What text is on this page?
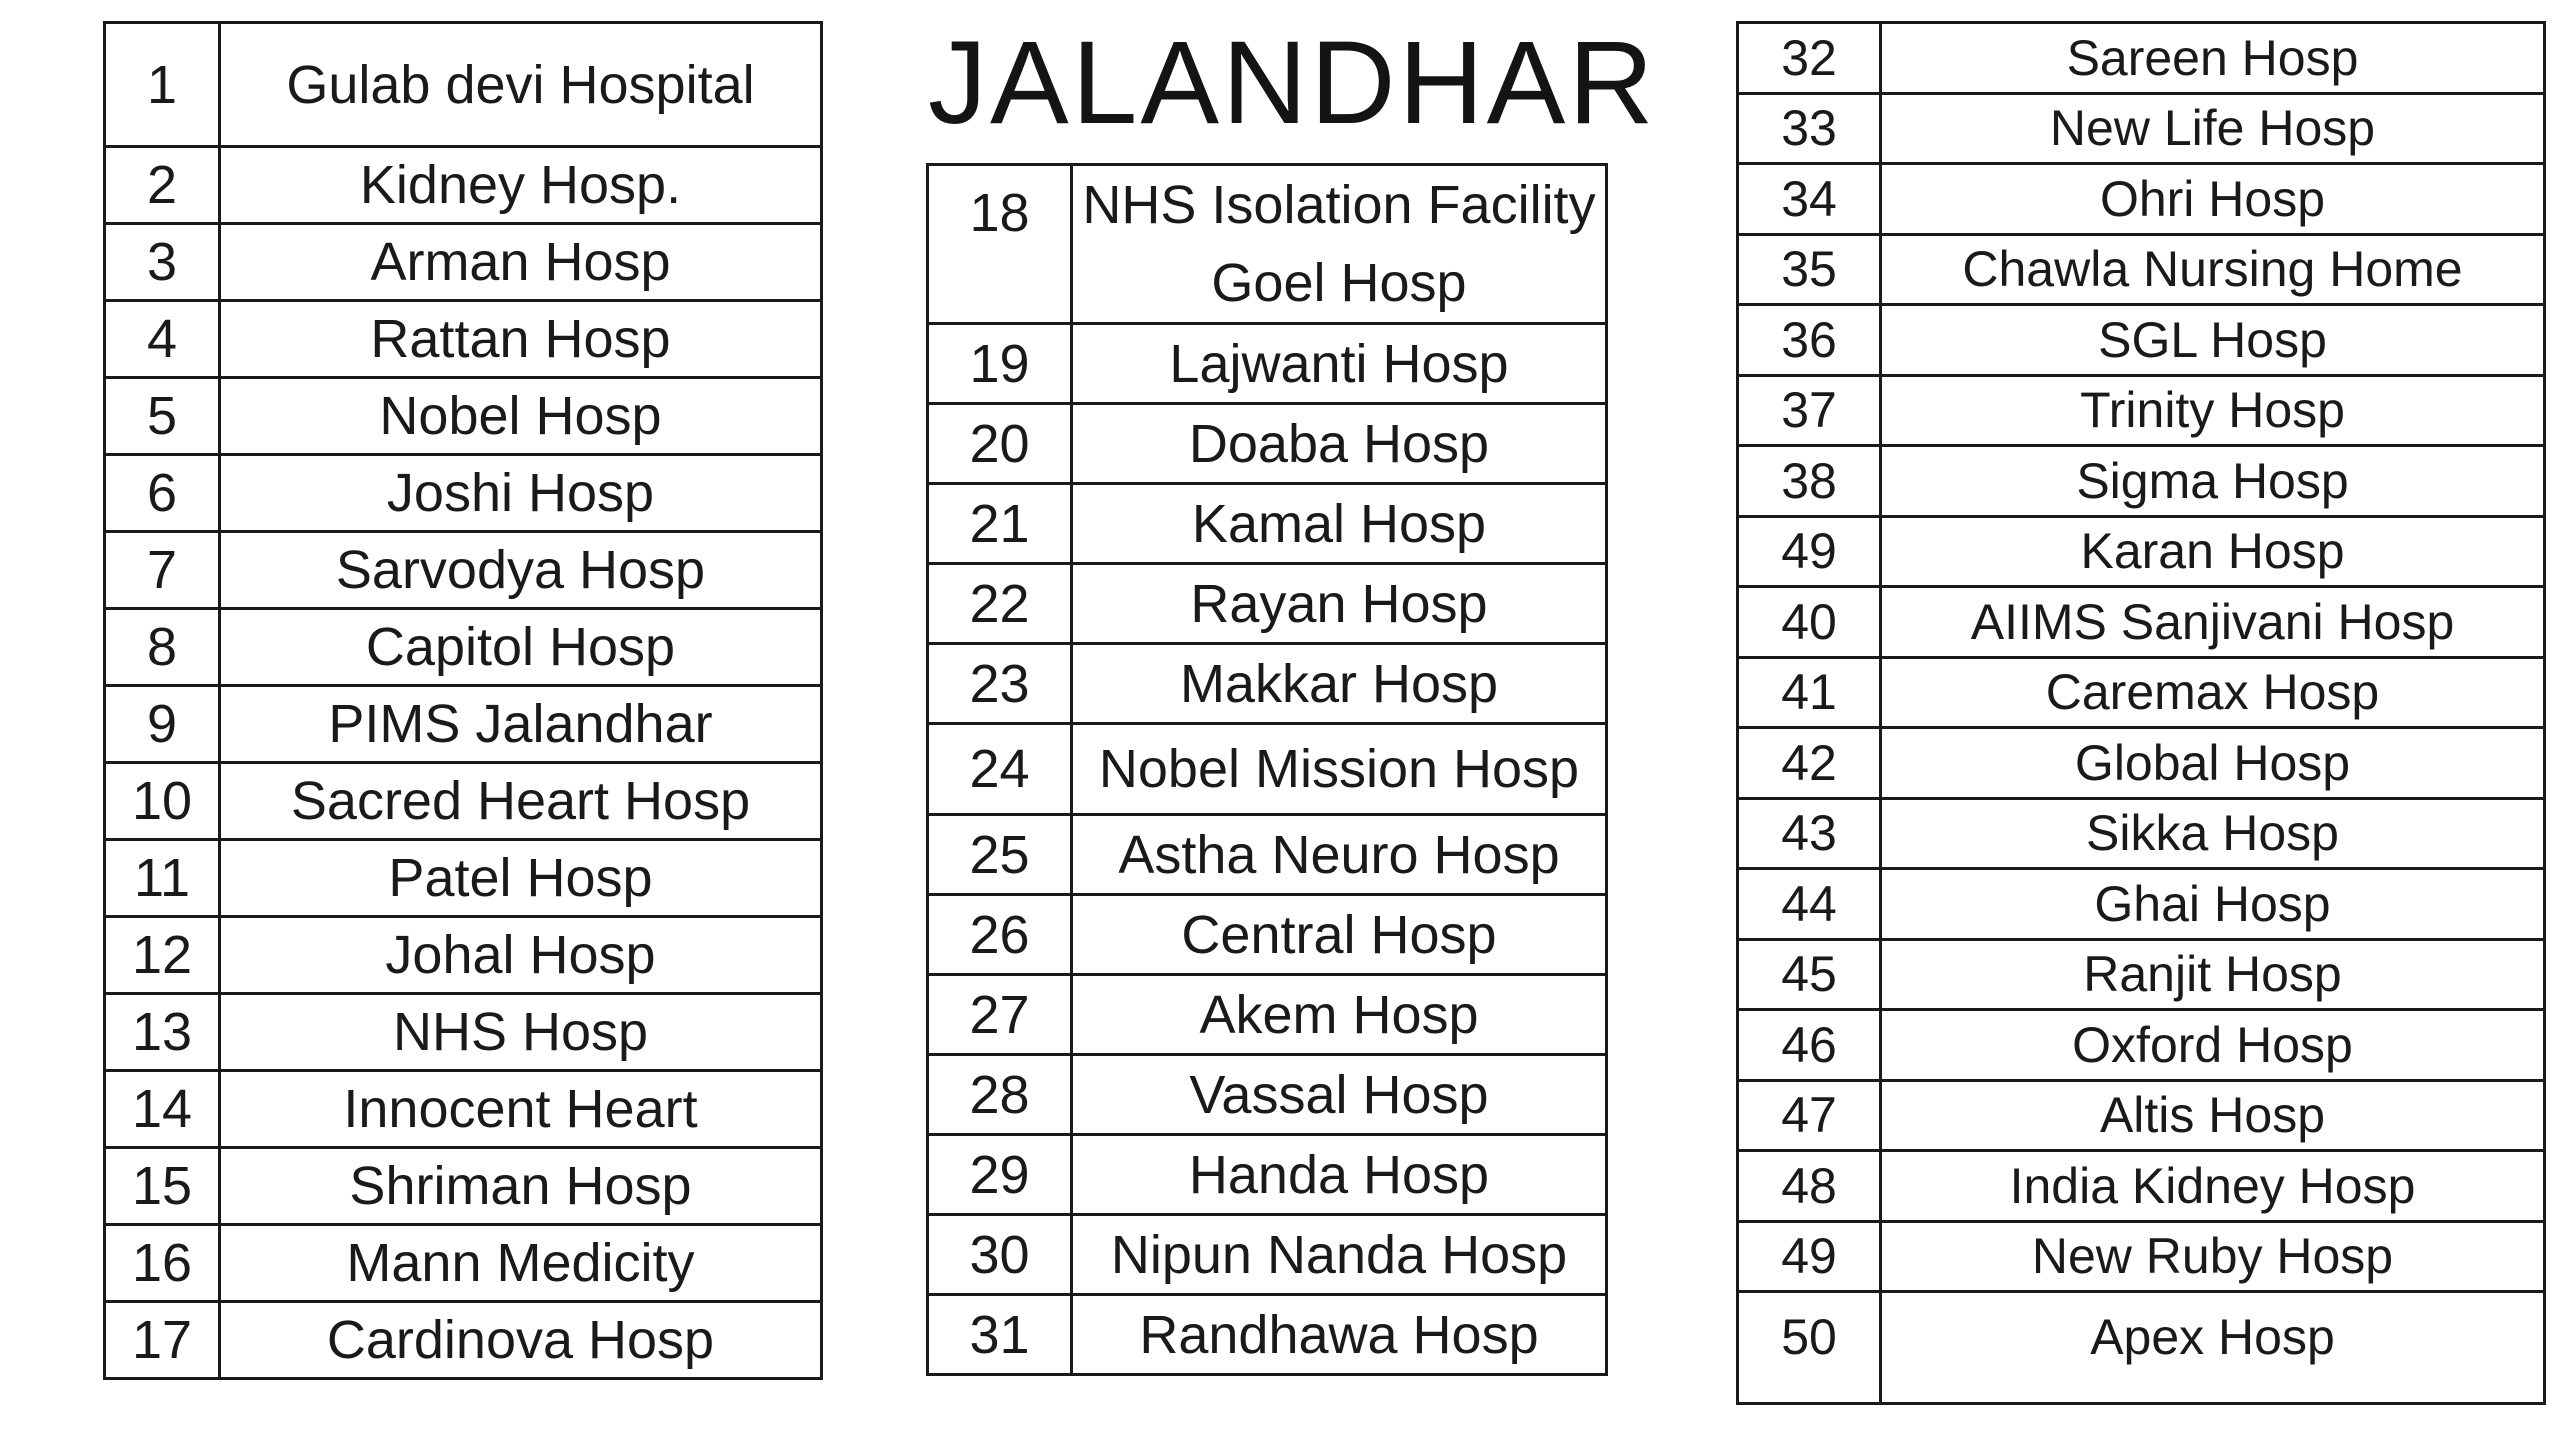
JALANDHAR
1	Gulab devi Hospital
2	Kidney Hosp.
3	Arman Hosp
4	Rattan Hosp
5	Nobel Hosp
6	Joshi Hosp
7	Sarvodya Hosp
8	Capitol Hosp
9	PIMS Jalandhar
10	Sacred Heart Hosp
11	Patel Hosp
12	Johal Hosp
13	NHS Hosp
14	Innocent Heart
15	Shriman Hosp
16	Mann Medicity
17	Cardinova Hosp
18	NHS Isolation Facility Goel Hosp
19	Lajwanti Hosp
20	Doaba Hosp
21	Kamal Hosp
22	Rayan Hosp
23	Makkar Hosp
24	Nobel Mission Hosp
25	Astha Neuro Hosp
26	Central Hosp
27	Akem Hosp
28	Vassal Hosp
29	Handa Hosp
30	Nipun Nanda Hosp
31	Randhawa Hosp
32	Sareen Hosp
33	New Life Hosp
34	Ohri Hosp
35	Chawla Nursing Home
36	SGL Hosp
37	Trinity Hosp
38	Sigma Hosp
49	Karan Hosp
40	AIIMS Sanjivani Hosp
41	Caremax Hosp
42	Global Hosp
43	Sikka Hosp
44	Ghai Hosp
45	Ranjit Hosp
46	Oxford Hosp
47	Altis Hosp
48	India Kidney Hosp
49	New Ruby Hosp
50	Apex Hosp
